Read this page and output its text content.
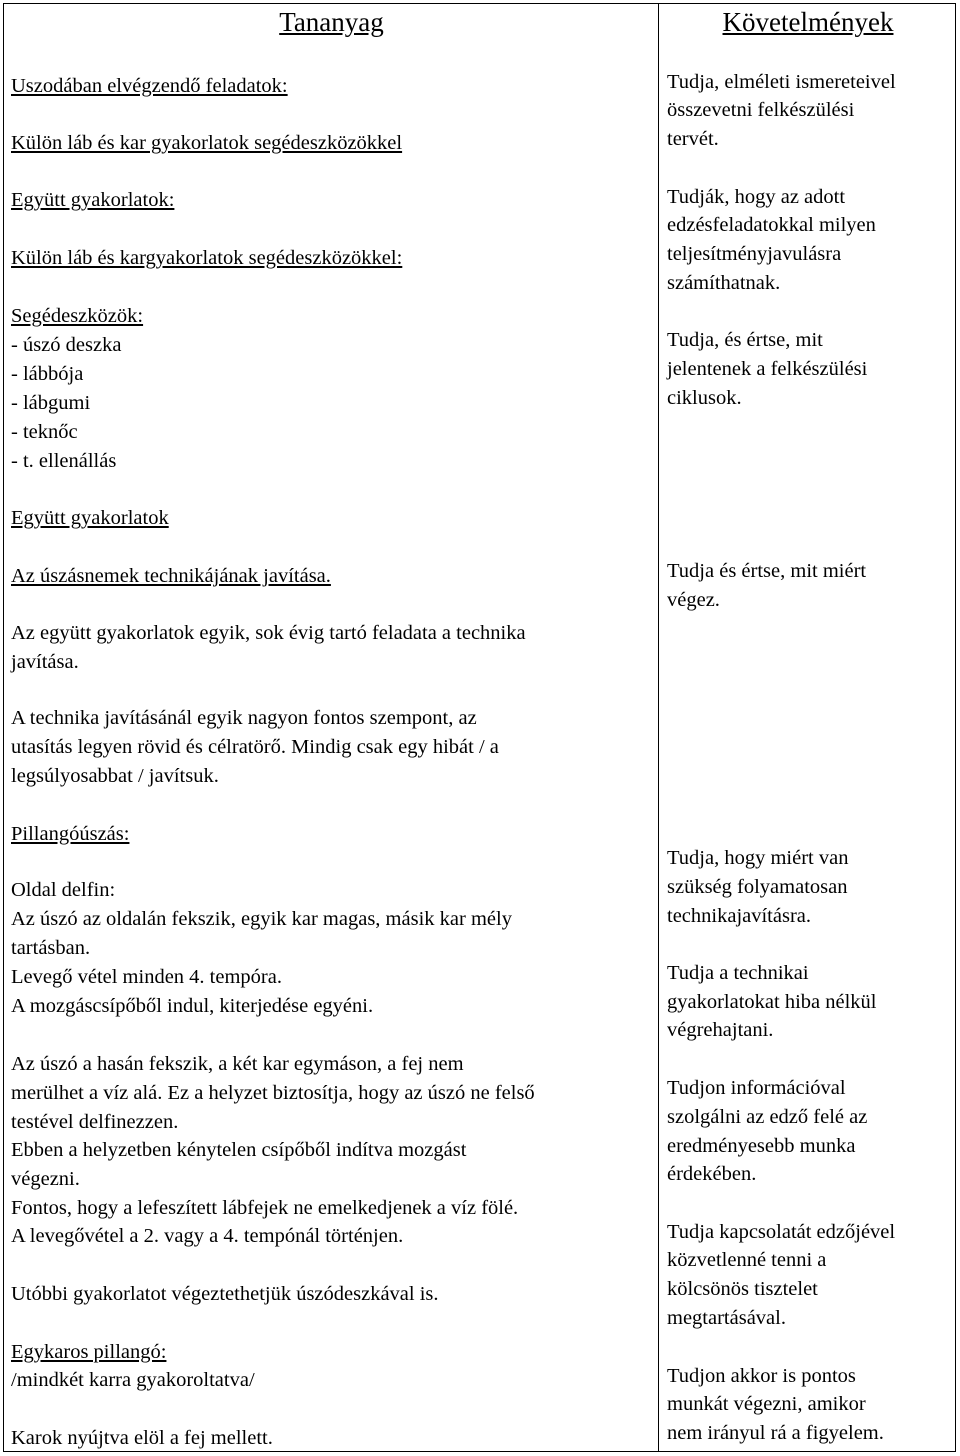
Tananyag	Követelmények
Uszodában elvégzendő feladatok:
Külön láb és kar gyakorlatok segédeszközökkel
Együtt gyakorlatok:
Külön láb és kargyakorlatok segédeszközökkel:
Segédeszközök:
- úszó deszka
- lábbója
- lábgumi
- teknőc
- t. ellenállás
Együtt gyakorlatok
Az úszásnemek technikájának javítása.
Az együtt gyakorlatok egyik, sok évig tartó feladata a technika
javítása.
A technika javításánál egyik nagyon fontos szempont, az
utasítás legyen rövid és célratörő. Mindig csak egy hibát / a
legsúlyosabbat / javítsuk.
Pillangóúszás:
Oldal delfin:
Az úszó az oldalán fekszik, egyik kar magas, másik kar mély
tartásban.
Levegő vétel minden 4. tempóra.
A mozgáscsípőből indul, kiterjedése egyéni.
Az úszó a hasán fekszik, a két kar egymáson, a fej nem
merülhet a víz alá. Ez a helyzet biztosítja, hogy az úszó ne felső
testével delfinezzen.
Ebben a helyzetben kénytelen csípőből indítva mozgást
végezni.
Fontos, hogy a lefeszített lábfejek ne emelkedjenek a víz fölé.
A levegővétel a 2. vagy a 4. tempónál történjen.
Utóbbi gyakorlatot végeztethetjük úszódeszkával is.
Egykaros pillangó:
/mindkét karra gyakoroltatva/
Karok nyújtva elöl a fej mellett.
Tudja, elméleti ismereteivel
összevetni felkészülési
tervét.
Tudják, hogy az adott
edzésfeladatokkal milyen
teljesítményjavulásra
számíthatnak.
Tudja, és értse, mit
jelentenek a felkészülési
ciklusok.
Tudja és értse, mit miért
végez.
Tudja, hogy miért van
szükség folyamatosan
technikajavításra.
Tudja a technikai
gyakorlatokat hiba nélkül
végrehajtani.
Tudjon információval
szolgálni az edző felé az
eredményesebb munka
érdekében.
Tudja kapcsolatát edzőjével
közvetlenné tenni a
kölcsönös tisztelet
megtartásával.
Tudjon akkor is pontos
munkát végezni, amikor
nem irányul rá a figyelem.
